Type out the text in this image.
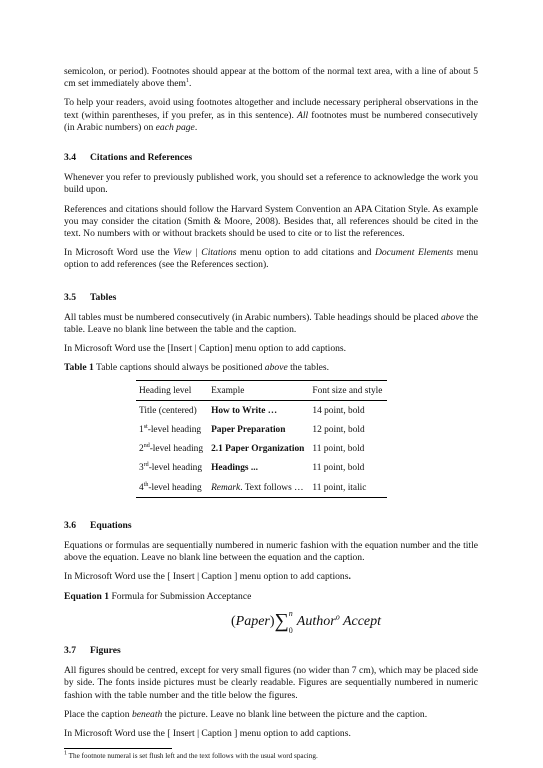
semicolon, or period). Footnotes should appear at the bottom of the normal text area, with a line of about 5 cm set immediately above them$^1$.

To help your readers, avoid using footnotes altogether and include necessary peripheral observations in the text (within parentheses, if you prefer, as in this sentence). All footnotes must be numbered consecutively (in Arabic numbers) on each page.

3.4 Citations and References

Whenever you refer to previously published work, you should set a reference to acknowledge the work you build upon.

References and citations should follow the Harvard System Convention an APA Citation Style. As example you may consider the citation (Smith & Moore, 2008). Besides that, all references should be cited in the text. No numbers with or without brackets should be used to cite or to list the references.

In Microsoft Word use the View | Citations menu option to add citations and Document Elements menu option to add references (see the References section).

3.5 Tables

All tables must be numbered consecutively (in Arabic numbers). Table headings should be placed above the table. Leave no blank line between the table and the caption.

In Microsoft Word use the [Insert | Caption] menu option to add captions.

Table 1 Table captions should always be positioned above the tables.

Heading level	Example	Font size and style
Title (centered)	How to Write …	14 point, bold
1st-level heading	Paper Preparation	12 point, bold
2nd-level heading	2.1 Paper Organization	11 point, bold
3rd-level heading	Headings ...	11 point, bold
4th-level heading	Remark. Text follows …	11 point, italic
3.6 Equations

Equations or formulas are sequentially numbered in numeric fashion with the equation number and the title above the equation. Leave no blank line between the equation and the caption.

In Microsoft Word use the [ Insert | Caption ] menu option to add captions.

Equation 1 Formula for Submission Acceptance

(Paper)∑ n
0
Author$^o$ Accept
3.7 Figures

All figures should be centred, except for very small figures (no wider than 7 cm), which may be placed side by side. The fonts inside pictures must be clearly readable. Figures are sequentially numbered in numeric fashion with the table number and the title below the figures.

Place the caption beneath the picture. Leave no blank line between the picture and the caption.

In Microsoft Word use the [ Insert | Caption ] menu option to add captions.

$^1$ The footnote numeral is set flush left and the text follows with the usual word spacing.
